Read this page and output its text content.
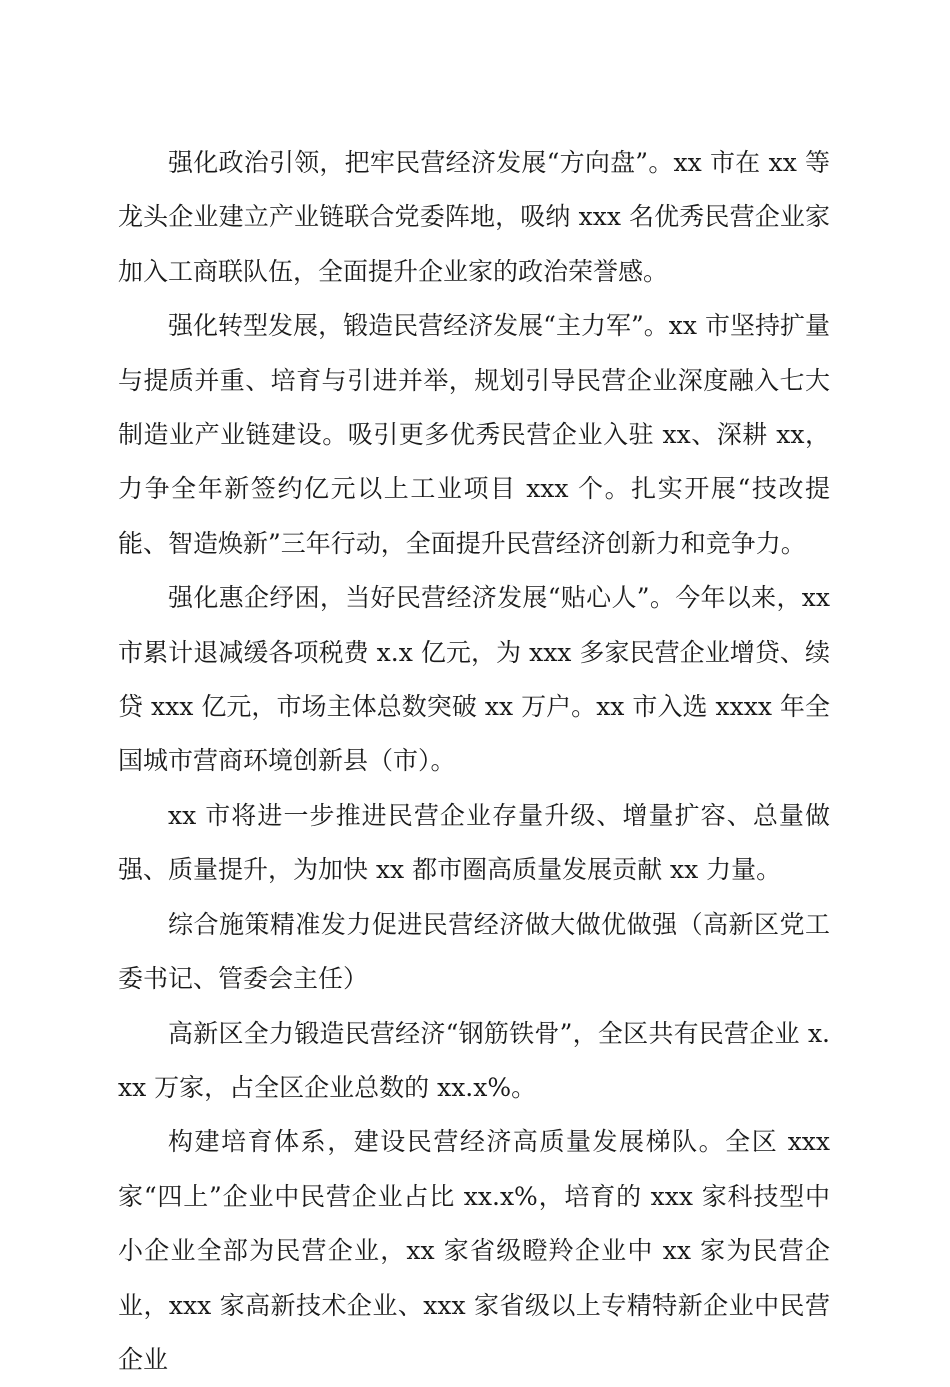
强化政治引领，把牢民营经济发展“方向盘”。xx 市在 xx 等龙头企业建立产业链联合党委阵地，吸纳 xxx 名优秀民营企业家加入工商联队伍，全面提升企业家的政治荣誉感。

强化转型发展，锻造民营经济发展“主力军”。xx 市坚持扩量与提质并重、培育与引进并举，规划引导民营企业深度融入七大制造业产业链建设。吸引更多优秀民营企业入驻 xx、深耕 xx，力争全年新签约亿元以上工业项目 xxx 个。扎实开展“技改提能、智造焕新”三年行动，全面提升民营经济创新力和竞争力。

强化惠企纾困，当好民营经济发展“贴心人”。今年以来，xx 市累计退减缓各项税费 x.x 亿元，为 xxx 多家民营企业增贷、续贷 xxx 亿元，市场主体总数突破 xx 万户。xx 市入选 xxxx 年全国城市营商环境创新县（市）。

xx 市将进一步推进民营企业存量升级、增量扩容、总量做强、质量提升，为加快 xx 都市圈高质量发展贡献 xx 力量。

综合施策精准发力促进民营经济做大做优做强（高新区党工委书记、管委会主任）

高新区全力锻造民营经济“钢筋铁骨”，全区共有民营企业 x.xx 万家，占全区企业总数的 xx.x%。

构建培育体系，建设民营经济高质量发展梯队。全区 xxx 家“四上”企业中民营企业占比 xx.x%，培育的 xxx 家科技型中小企业全部为民营企业，xx 家省级瞪羚企业中 xx 家为民营企业，xxx 家高新技术企业、xxx 家省级以上专精特新企业中民营企业
